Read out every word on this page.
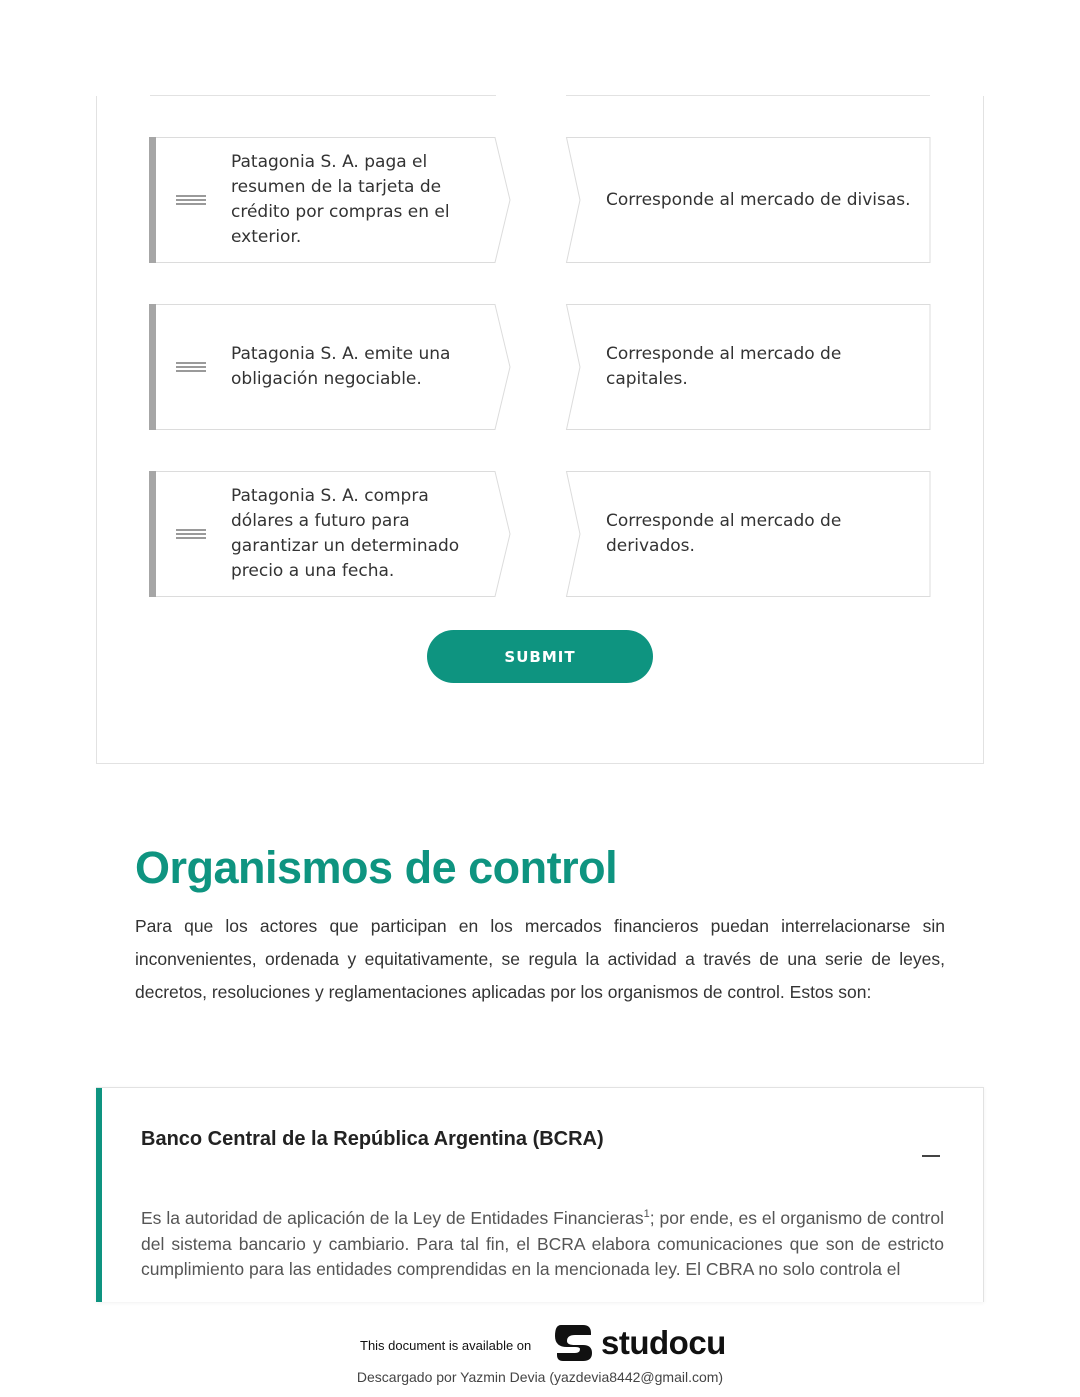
Patagonia S. A. paga el resumen de la tarjeta de crédito por compras en el exterior.
Corresponde al mercado de divisas.
Patagonia S. A. emite una obligación negociable.
Corresponde al mercado de capitales.
Patagonia S. A. compra dólares a futuro para garantizar un determinado precio a una fecha.
Corresponde al mercado de derivados.
SUBMIT
Organismos de control

Para que los actores que participan en los mercados financieros puedan interrelacionarse sin inconvenientes, ordenada y equitativamente, se regula la actividad a través de una serie de leyes, decretos, resoluciones y reglamentaciones aplicadas por los organismos de control. Estos son:

Banco Central de la República Argentina (BCRA)

Es la autoridad de aplicación de la Ley de Entidades Financieras$^1$; por ende, es el organismo de control del sistema bancario y cambiario. Para tal fin, el BCRA elabora comunicaciones que son de estricto cumplimiento para las entidades comprendidas en la mencionada ley. El CBRA no solo controla el

This document is available on studocu
Descargado por Yazmin Devia (yazdevia8442@gmail.com)
